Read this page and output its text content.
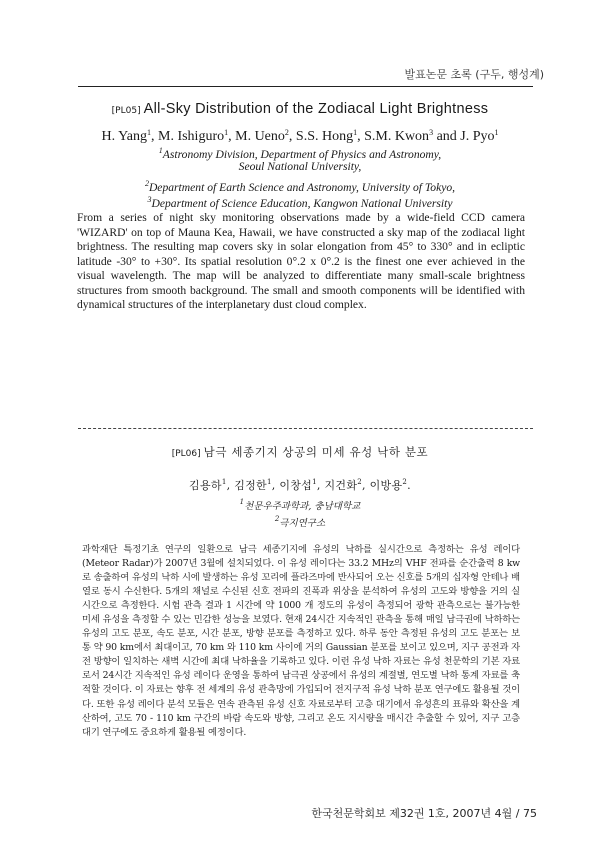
발표논문 초록 (구두, 행성계)
[PL05] All-Sky Distribution of the Zodiacal Light Brightness
H. Yang$^1$, M. Ishiguro$^1$, M. Ueno$^2$, S.S. Hong$^1$, S.M. Kwon$^3$ and J. Pyo$^1$
$^1$Astronomy Division, Department of Physics and Astronomy,
Seoul National University,
$^2$Department of Earth Science and Astronomy, University of Tokyo,
$^3$Department of Science Education, Kangwon National University
From a series of night sky monitoring observations made by a wide-field CCD camera 'WIZARD' on top of Mauna Kea, Hawaii, we have constructed a sky map of the zodiacal light brightness. The resulting map covers sky in solar elongation from 45° to 330° and in ecliptic latitude -30° to +30°. Its spatial resolution 0°.2 x 0°.2 is the finest one ever achieved in the visual wavelength. The map will be analyzed to differentiate many small-scale brightness structures from smooth background. The small and smooth components will be identified with dynamical structures of the interplanetary dust cloud complex.
[PL06] 남극 세종기지 상공의 미세 유성 낙하 분포
김용하$^1$, 김정한$^1$, 이창섭$^1$, 지건화$^2$, 이방용$^2$.
$^1$천문우주과학과, 충남대학교
$^2$극지연구소
과학재단 특정기초 연구의 일환으로 남극 세종기지에 유성의 낙하를 실시간으로 측정하는 유성 레이다 (Meteor Radar)가 2007년 3월에 설치되었다. 이 유성 레이다는 33.2 MHz의 VHF 전파를 순간출력 8 kw로 송출하여 유성의 낙하 시에 발생하는 유성 꼬리에 플라즈마에 반사되어 오는 신호를 5개의 십자형 안테나 배열로 동시 수신한다. 5개의 채널로 수신된 신호 전파의 진폭과 위상을 분석하여 유성의 고도와 방향을 거의 실시간으로 측정한다. 시험 관측 결과 1 시간에 약 1000 개 정도의 유성이 측정되어 광학 관측으로는 불가능한 미세 유성을 측정할 수 있는 민감한 성능을 보였다. 현재 24시간 지속적인 관측을 통해 매일 남극권에 낙하하는 유성의 고도 분포, 속도 분포, 시간 분포, 방향 분포를 측정하고 있다. 하루 동안 측정된 유성의 고도 분포는 보통 약 90 km에서 최대이고, 70 km 와 110 km 사이에 거의 Gaussian 분포를 보이고 있으며, 지구 공전과 자전 방향이 일치하는 새벽 시간에 최대 낙하율을 기록하고 있다. 이런 유성 낙하 자료는 유성 천문학의 기본 자료로서 24시간 지속적인 유성 레이다 운영을 통하여 남극권 상공에서 유성의 계절별, 연도별 낙하 통계 자료를 축적할 것이다. 이 자료는 향후 전 세계의 유성 관측망에 가입되어 전지구적 유성 낙하 분포 연구에도 활용될 것이다. 또한 유성 레이다 분석 모듈은 연속 관측된 유성 신호 자료로부터 고층 대기에서 유성흔의 표류와 확산을 계산하여, 고도 70 - 110 km 구간의 바람 속도와 방향, 그리고 온도 지시량을 매시간 추출할 수 있어, 지구 고층 대기 연구에도 중요하게 활용될 예정이다.
한국천문학회보 제32권 1호, 2007년 4월 / 75
